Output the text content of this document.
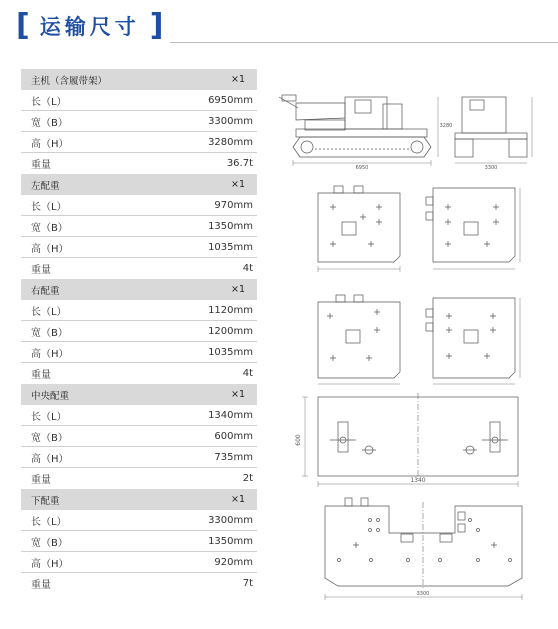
[ 运输尺寸 ]
主机（含履带架）	×1
长（L）	6950mm
宽（B）	3300mm
高（H）	3280mm
重量	36.7t
左配重	×1
长（L）	970mm
宽（B）	1350mm
高（H）	1035mm
重量	4t
右配重	×1
长（L）	1120mm
宽（B）	1200mm
高（H）	1035mm
重量	4t
中央配重	×1
长（L）	1340mm
宽（B）	600mm
高（H）	735mm
重量	2t
下配重	×1
长（L）	3300mm
宽（B）	1350mm
高（H）	920mm
重量	7t
6950
3280
3300
600
1340
3300
